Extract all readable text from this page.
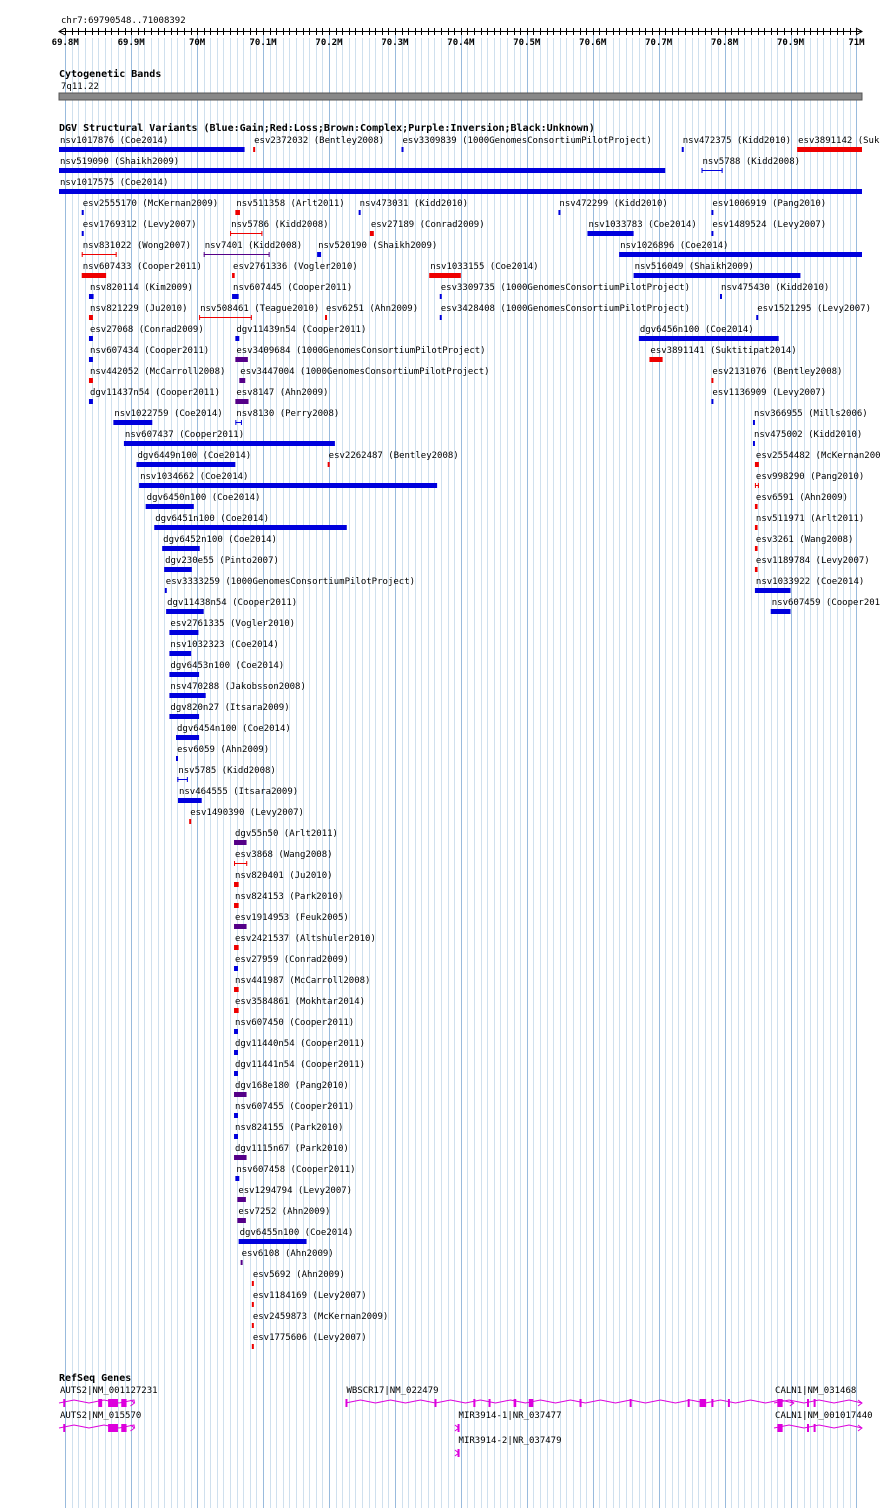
chr7:69790548..71008392
69.8M	69.9M	70M	70.1M	70.2M	70.3M	70.4M	70.5M	70.6M	70.7M	70.8M	70.9M	71M
Cytogenetic Bands
7q11.22
DGV Structural Variants (Blue:Gain;Red:Loss;Brown:Complex;Purple:Inversion;Black:Unknown)
nsv1017876 (Coe2014)	esv2372032 (Bentley2008) esv3309839 (1000GenomesConsortiumPilotProject)	nsv472375 (Kidd2010) esv3891142 (Suk
nsv519090 (Shaikh2009)	nsv5788 (Kidd2008)
nsv1017575 (Coe2014)
esv2555170 (McKernan2009) nsv511358 (Arlt2011) nsv473031 (Kidd2010)	nsv472299 (Kidd2010)	esv1006919 (Pang2010)
esv1769312 (Levy2007)	nsv5786 (Kidd2008)	esv27189 (Conrad2009)	nsv1033783 (Coe2014) esv1489524 (Levy2007)
nsv831022 (Wong2007) nsv7401 (Kidd2008) nsv520190 (Shaikh2009)	nsv1026896 (Coe2014)
nsv607433 (Cooper2011)	esv2761336 (Vogler2010)	nsv1033155 (Coe2014)	nsv516049 (Shaikh2009)
nsv820114 (Kim2009)	nsv607445 (Cooper2011)	esv3309735 (1000GenomesConsortiumPilotProject)	nsv475430 (Kidd2010)
nsv821229 (Ju2010) nsv508461 (Teague2010) esv6251 (Ahn2009)	esv3428408 (1000GenomesConsortiumPilotProject)	esv1521295 (Levy2007)
esv27068 (Conrad2009)	dgv11439n54 (Cooper2011)	dgv6456n100 (Coe2014)
nsv607434 (Cooper2011)	esv3409684 (1000GenomesConsortiumPilotProject)	esv3891141 (Suktitipat2014)
nsv442052 (McCarroll2008) esv3447004 (1000GenomesConsortiumPilotProject)	esv2131076 (Bentley2008)
dgv11437n54 (Cooper2011) esv8147 (Ahn2009)	esv1136909 (Levy2007)
nsv1022759 (Coe2014) nsv8130 (Perry2008)	nsv366955 (Mills2006)
nsv607437 (Cooper2011)	nsv475002 (Kidd2010)
dgv6449n100 (Coe2014)	esv2262487 (Bentley2008)	esv2554482 (McKernan200
nsv1034662 (Coe2014)	esv998290 (Pang2010)
dgv6450n100 (Coe2014)	esv6591 (Ahn2009)
dgv6451n100 (Coe2014)	nsv511971 (Arlt2011)
dgv6452n100 (Coe2014)	esv3261 (Wang2008)
dgv230e55 (Pinto2007)	esv1189784 (Levy2007)
esv3333259 (1000GenomesConsortiumPilotProject)	nsv1033922 (Coe2014)
dgv11438n54 (Cooper2011)	nsv607459 (Cooper201
esv2761335 (Vogler2010)
nsv1032323 (Coe2014)
dgv6453n100 (Coe2014)
nsv470288 (Jakobsson2008)
dgv820n27 (Itsara2009)
dgv6454n100 (Coe2014)
esv6059 (Ahn2009)
nsv5785 (Kidd2008)
nsv464555 (Itsara2009)
esv1490390 (Levy2007)
dgv55n50 (Arlt2011)
esv3868 (Wang2008)
nsv820401 (Ju2010)
nsv824153 (Park2010)
esv1914953 (Feuk2005)
esv2421537 (Altshuler2010)
esv27959 (Conrad2009)
nsv441987 (McCarroll2008)
esv3584861 (Mokhtar2014)
nsv607450 (Cooper2011)
dgv11440n54 (Cooper2011)
dgv11441n54 (Cooper2011)
dgv168e180 (Pang2010)
nsv607455 (Cooper2011)
nsv824155 (Park2010)
dgv1115n67 (Park2010)
nsv607458 (Cooper2011)
esv1294794 (Levy2007)
esv7252 (Ahn2009)
dgv6455n100 (Coe2014)
esv6108 (Ahn2009)
esv5692 (Ahn2009)
esv1184169 (Levy2007)
esv2459873 (McKernan2009)
esv1775606 (Levy2007)
RefSeq Genes
AUTS2|NM_001127231	WBSCR17|NM_022479	CALN1|NM_031468
AUTS2|NM_015570	MIR3914-1|NR_037477	CALN1|NM_001017440
MIR3914-2|NR_037479
